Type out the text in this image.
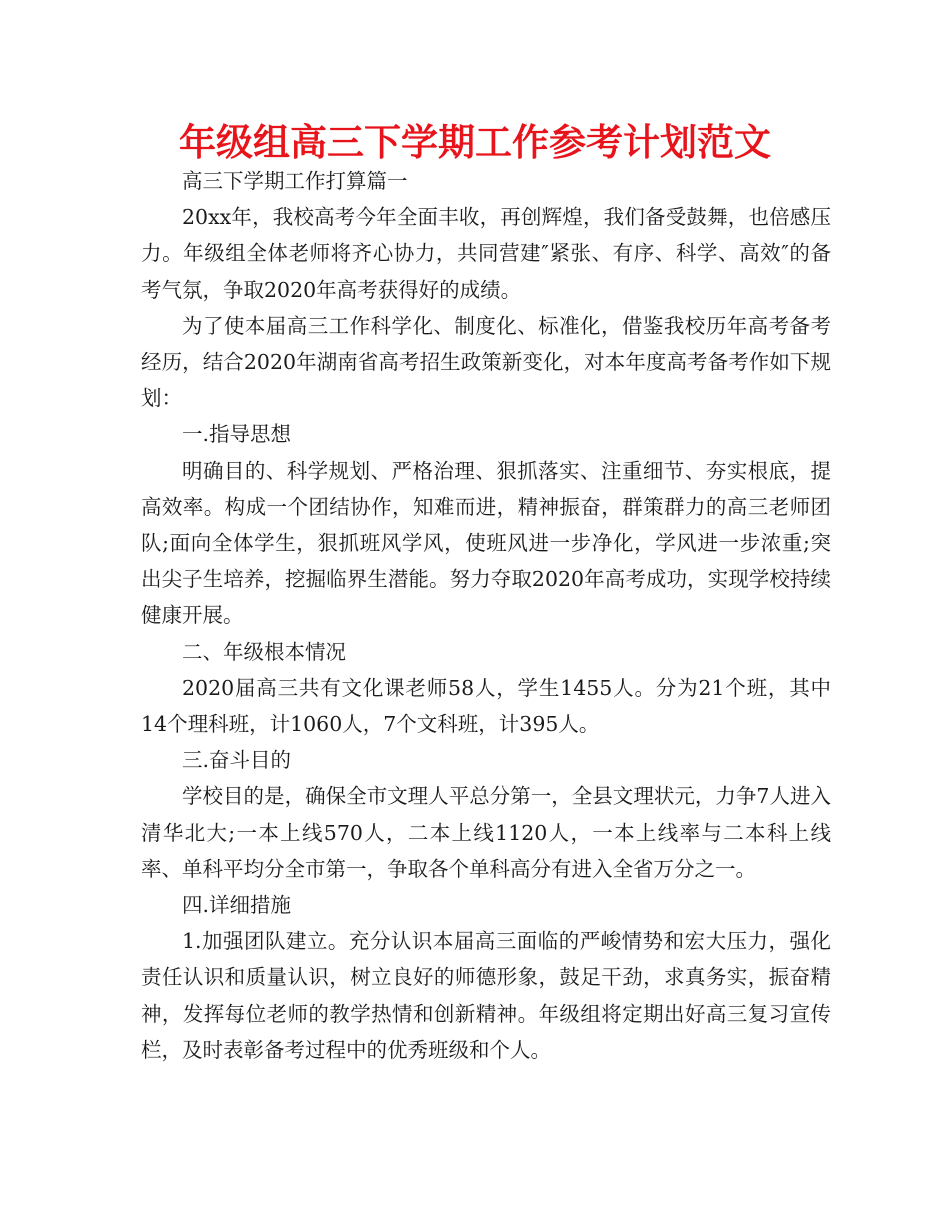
年级组高三下学期工作参考计划范文

高三下学期工作打算篇一

20xx年，我校高考今年全面丰收，再创辉煌，我们备受鼓舞，也倍感压力。年级组全体老师将齐心协力，共同营建″紧张、有序、科学、高效″的备考气氛，争取2020年高考获得好的成绩。

为了使本届高三工作科学化、制度化、标准化，借鉴我校历年高考备考经历，结合2020年湖南省高考招生政策新变化，对本年度高考备考作如下规划：

一.指导思想

明确目的、科学规划、严格治理、狠抓落实、注重细节、夯实根底，提高效率。构成一个团结协作，知难而进，精神振奋，群策群力的高三老师团队;面向全体学生，狠抓班风学风，使班风进一步净化，学风进一步浓重;突出尖子生培养，挖掘临界生潜能。努力夺取2020年高考成功，实现学校持续健康开展。

二、年级根本情况

2020届高三共有文化课老师58人，学生1455人。分为21个班，其中14个理科班，计1060人，7个文科班，计395人。

三.奋斗目的

学校目的是，确保全市文理人平总分第一，全县文理状元，力争7人进入清华北大;一本上线570人，二本上线1120人，一本上线率与二本科上线率、单科平均分全市第一，争取各个单科高分有进入全省万分之一。

四.详细措施

1.加强团队建立。充分认识本届高三面临的严峻情势和宏大压力，强化责任认识和质量认识，树立良好的师德形象，鼓足干劲，求真务实，振奋精神，发挥每位老师的教学热情和创新精神。年级组将定期出好高三复习宣传栏，及时表彰备考过程中的优秀班级和个人。
